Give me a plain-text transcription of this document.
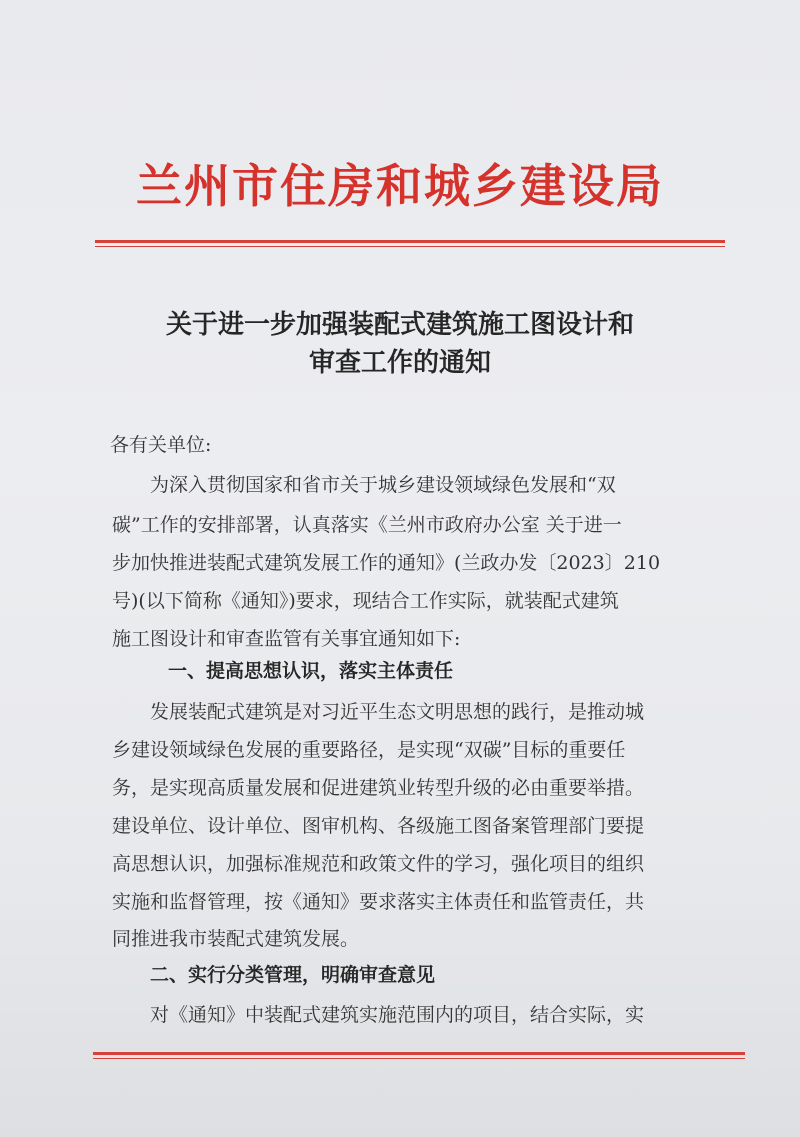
兰州市住房和城乡建设局
关于进一步加强装配式建筑施工图设计和
审查工作的通知
各有关单位:
为深入贯彻国家和省市关于城乡建设领域绿色发展和“双
碳”工作的安排部署，认真落实《兰州市政府办公室 关于进一
步加快推进装配式建筑发展工作的通知》(兰政办发〔2023〕210
号)(以下简称《通知》)要求，现结合工作实际，就装配式建筑
施工图设计和审查监管有关事宜通知如下:
一、提高思想认识，落实主体责任
发展装配式建筑是对习近平生态文明思想的践行，是推动城
乡建设领域绿色发展的重要路径，是实现“双碳”目标的重要任
务，是实现高质量发展和促进建筑业转型升级的必由重要举措。
建设单位、设计单位、图审机构、各级施工图备案管理部门要提
高思想认识，加强标准规范和政策文件的学习，强化项目的组织
实施和监督管理，按《通知》要求落实主体责任和监管责任，共
同推进我市装配式建筑发展。
二、实行分类管理，明确审查意见
对《通知》中装配式建筑实施范围内的项目，结合实际，实
